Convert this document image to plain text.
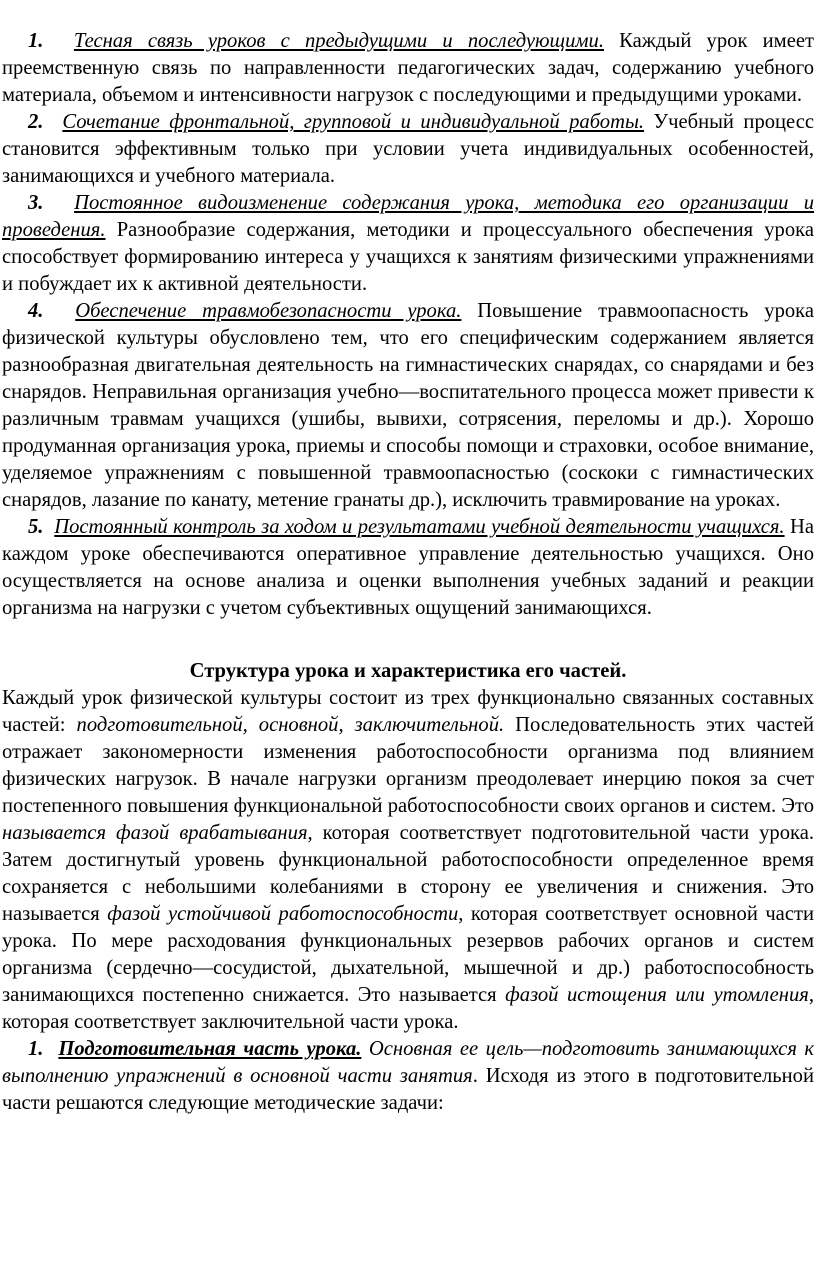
1. Тесная связь уроков с предыдущими и последующими. Каждый урок имеет преемственную связь по направленности педагогических задач, содержанию учебного материала, объемом и интенсивности нагрузок с последующими и предыдущими уроками.

2. Сочетание фронтальной, групповой и индивидуальной работы. Учебный процесс становится эффективным только при условии учета индивидуальных особенностей, занимающихся и учебного материала.

3. Постоянное видоизменение содержания урока, методика его организации и проведения. Разнообразие содержания, методики и процессуального обеспечения урока способствует формированию интереса у учащихся к занятиям физическими упражнениями и побуждает их к активной деятельности.

4. Обеспечение травмобезопасности урока. Повышение травмоопасность урока физической культуры обусловлено тем, что его специфическим содержанием является разнообразная двигательная деятельность на гимнастических снарядах, со снарядами и без снарядов. Неправильная организация учебно—воспитательного процесса может привести к различным травмам учащихся (ушибы, вывихи, сотрясения, переломы и др.). Хорошо продуманная организация урока, приемы и способы помощи и страховки, особое внимание, уделяемое упражнениям с повышенной травмоопасностью (соскоки с гимнастических снарядов, лазание по канату, метение гранаты др.), исключить травмирование на уроках.

5. Постоянный контроль за ходом и результатами учебной деятельности учащихся. На каждом уроке обеспечиваются оперативное управление деятельностью учащихся. Оно осуществляется на основе анализа и оценки выполнения учебных заданий и реакции организма на нагрузки с учетом субъективных ощущений занимающихся.

Структура урока и характеристика его частей.

Каждый урок физической культуры состоит из трех функционально связанных составных частей: подготовительной, основной, заключительной. Последовательность этих частей отражает закономерности изменения работоспособности организма под влиянием физических нагрузок. В начале нагрузки организм преодолевает инерцию покоя за счет постепенного повышения функциональной работоспособности своих органов и систем. Это называется фазой врабатывания, которая соответствует подготовительной части урока. Затем достигнутый уровень функциональной работоспособности определенное время сохраняется с небольшими колебаниями в сторону ее увеличения и снижения. Это называется фазой устойчивой работоспособности, которая соответствует основной части урока. По мере расходования функциональных резервов рабочих органов и систем организма (сердечно—сосудистой, дыхательной, мышечной и др.) работоспособность занимающихся постепенно снижается. Это называется фазой истощения или утомления, которая соответствует заключительной части урока.

1. Подготовительная часть урока. Основная ее цель—подготовить занимающихся к выполнению упражнений в основной части занятия. Исходя из этого в подготовительной части решаются следующие методические задачи:
